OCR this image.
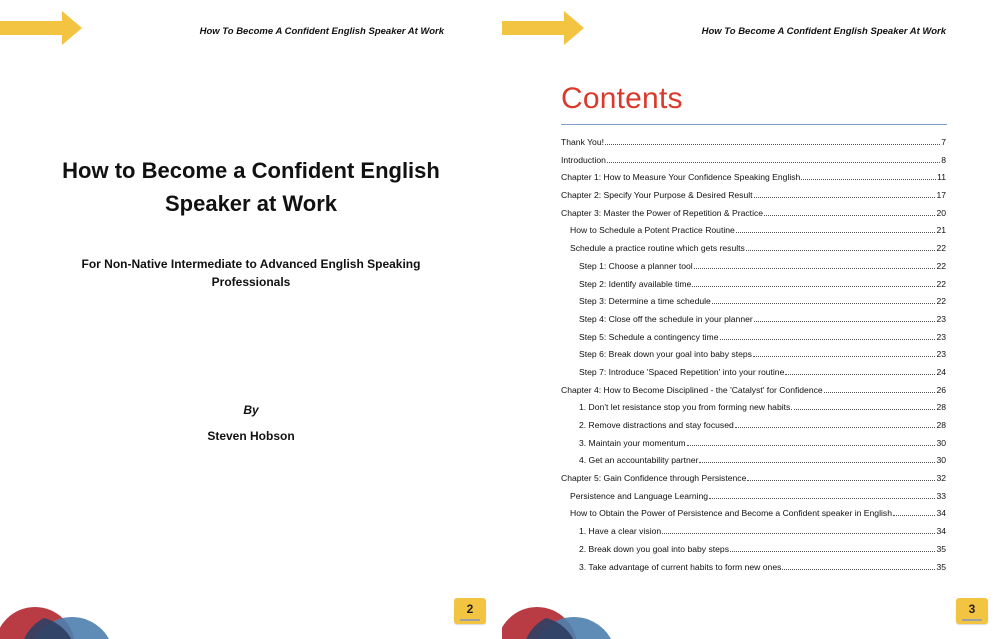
How To Become A Confident English Speaker At Work
How to Become a Confident English
Speaker at Work
For Non-Native Intermediate to Advanced English Speaking
Professionals
By
Steven Hobson
2
How To Become A Confident English Speaker At Work
Contents
Thank You!	7
Introduction	8
Chapter 1: How to Measure Your Confidence Speaking English	11
Chapter 2: Specify Your Purpose & Desired Result	17
Chapter 3: Master the Power of Repetition & Practice	20
How to Schedule a Potent Practice Routine	21
Schedule a practice routine which gets results	22
Step 1: Choose a planner tool	22
Step 2: Identify available time	22
Step 3: Determine a time schedule	22
Step 4: Close off the schedule in your planner	23
Step 5: Schedule a contingency time	23
Step 6: Break down your goal into baby steps	23
Step 7: Introduce 'Spaced Repetition' into your routine	24
Chapter 4: How to Become Disciplined - the 'Catalyst' for Confidence	26
1. Don't let resistance stop you from forming new habits.	28
2. Remove distractions and stay focused	28
3. Maintain your momentum	30
4. Get an accountability partner	30
Chapter 5: Gain Confidence through Persistence	32
Persistence and Language Learning	33
How to Obtain the Power of Persistence and Become a Confident speaker in English	34
1. Have a clear vision	34
2. Break down you goal into baby steps	35
3. Take advantage of current habits to form new ones	35
3
